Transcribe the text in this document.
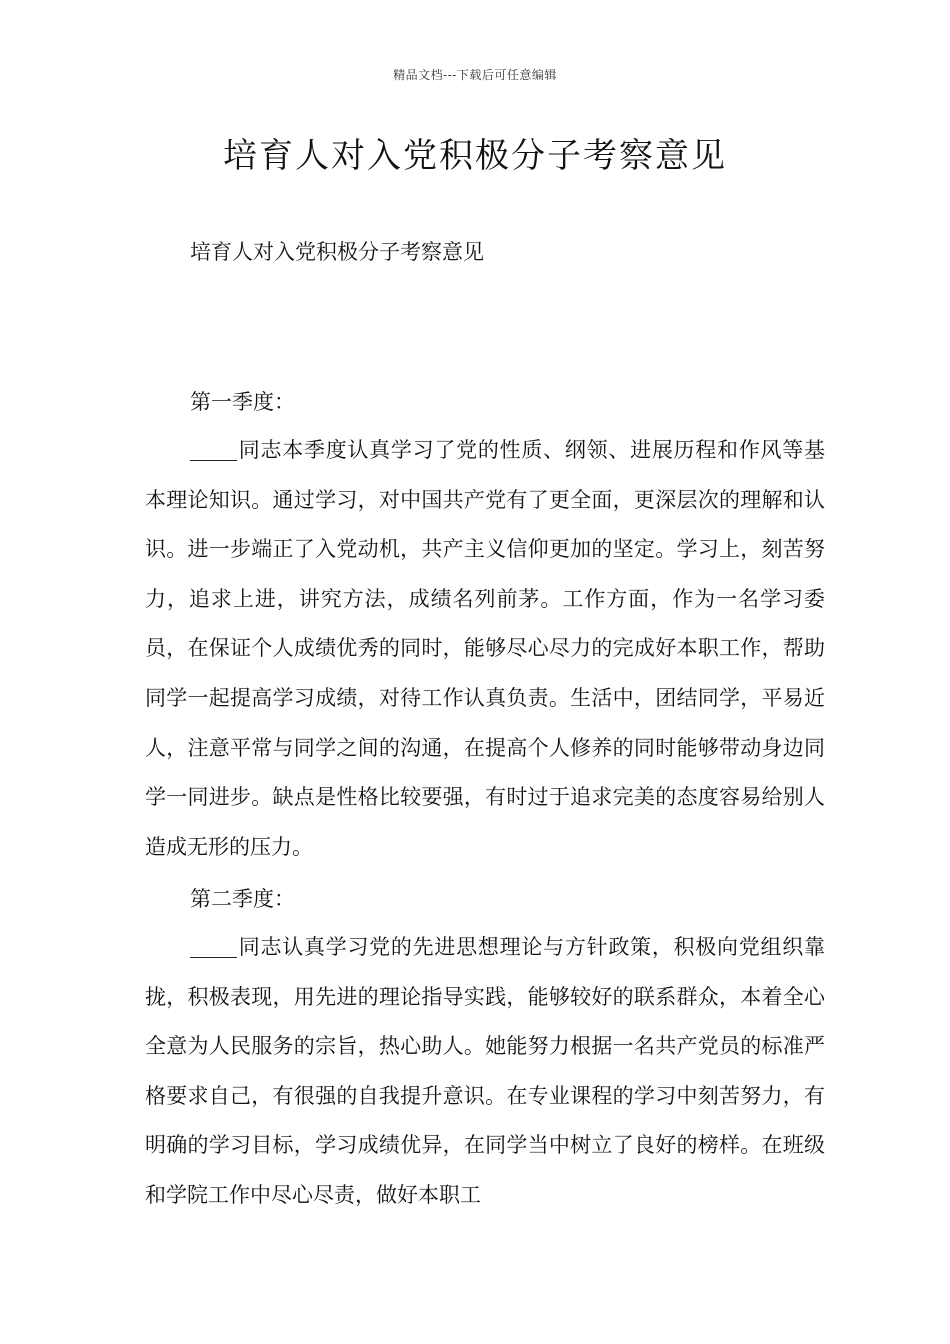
精品文档---下载后可任意编辑
培育人对入党积极分子考察意见

培育人对入党积极分子考察意见

第一季度：

同志本季度认真学习了党的性质、纲领、进展历程和作风等基本理论知识。通过学习，对中国共产党有了更全面，更深层次的理解和认识。进一步端正了入党动机，共产主义信仰更加的坚定。学习上，刻苦努力，追求上进，讲究方法，成绩名列前茅。工作方面，作为一名学习委员，在保证个人成绩优秀的同时，能够尽心尽力的完成好本职工作，帮助同学一起提高学习成绩，对待工作认真负责。生活中，团结同学，平易近人，注意平常与同学之间的沟通，在提高个人修养的同时能够带动身边同学一同进步。缺点是性格比较要强，有时过于追求完美的态度容易给别人造成无形的压力。

第二季度：

同志认真学习党的先进思想理论与方针政策，积极向党组织靠拢，积极表现，用先进的理论指导实践，能够较好的联系群众，本着全心全意为人民服务的宗旨，热心助人。她能努力根据一名共产党员的标准严格要求自己，有很强的自我提升意识。在专业课程的学习中刻苦努力，有明确的学习目标，学习成绩优异，在同学当中树立了良好的榜样。在班级和学院工作中尽心尽责，做好本职工
